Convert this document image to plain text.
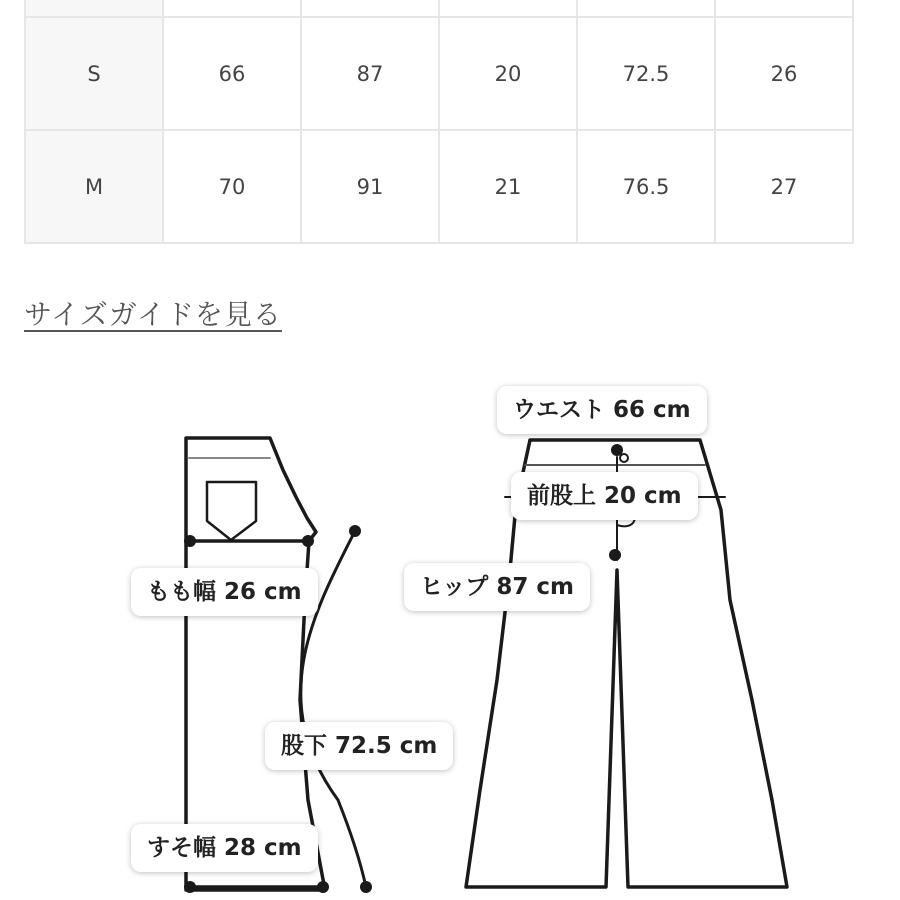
S	66	87	20	72.5	26
M	70	91	21	76.5	27
サイズガイドを見る
ウエスト 66 cm
前股上 20 cm
ヒップ 87 cm
もも幅 26 cm
股下 72.5 cm
すそ幅 28 cm
